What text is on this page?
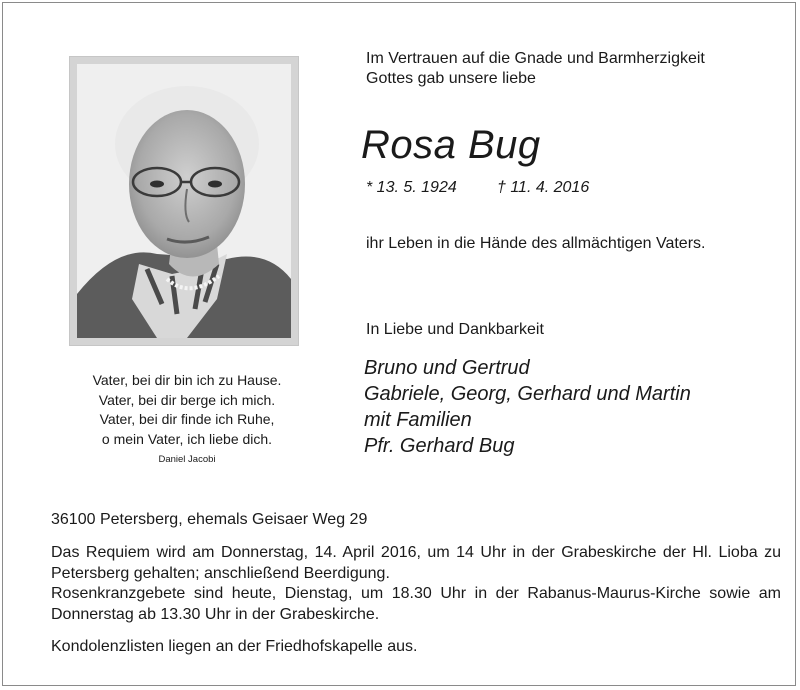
Vater, bei dir bin ich zu Hause.
Vater, bei dir berge ich mich.
Vater, bei dir finde ich Ruhe,
o mein Vater, ich liebe dich.
Daniel Jacobi
Im Vertrauen auf die Gnade und Barmherzigkeit
Gottes gab unsere liebe
Rosa Bug
* 13. 5. 1924	† 11. 4. 2016
ihr Leben in die Hände des allmächtigen Vaters.
In Liebe und Dankbarkeit
Bruno und Gertrud
Gabriele, Georg, Gerhard und Martin
mit Familien
Pfr. Gerhard Bug
36100 Petersberg, ehemals Geisaer Weg 29

Das Requiem wird am Donnerstag, 14. April 2016, um 14 Uhr in der Grabeskirche der Hl. Lioba zu Petersberg gehalten; anschließend Beerdigung.

Rosenkranzgebete sind heute, Dienstag, um 18.30 Uhr in der Rabanus-Maurus-Kirche sowie am Donnerstag ab 13.30 Uhr in der Grabeskirche.

Kondolenzlisten liegen an der Friedhofskapelle aus.
